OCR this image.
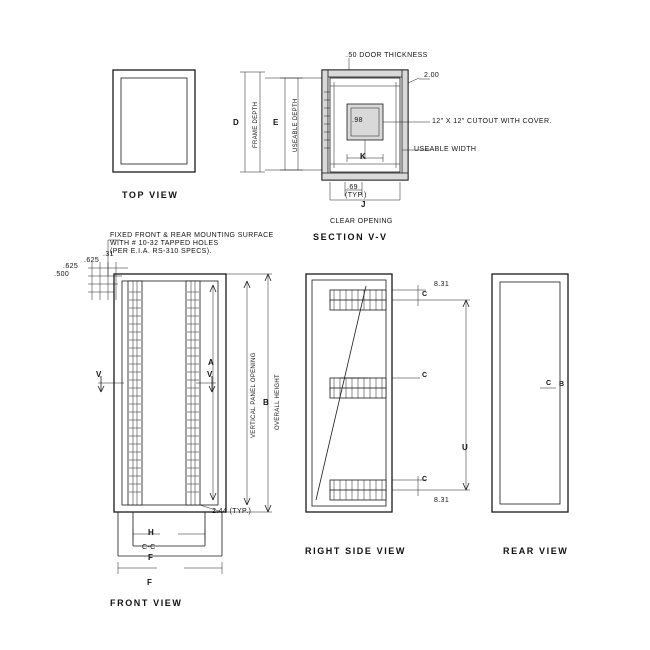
TOP VIEW
SECTION V-V
.50 DOOR THICKNESS
2.00
.98	12" X 12" CUTOUT WITH COVER.
USEABLE WIDTH
.69
(TYP.)
CLEAR OPENING
K
J
D	E
FRAME DEPTH	USEABLE DEPTH
FRONT VIEW
FIXED FRONT & REAR MOUNTING SURFACE
WITH # 10-32 TAPPED HOLES
(PER E.I.A. RS-310 SPECS).
.500
.625
.625
.31
2.44 (TYP.)
A
B
V	V
H
F
F
C-C
VERTICAL PANEL OPENING	OVERALL HEIGHT
RIGHT SIDE VIEW
8.31
8.31
C
C
C
U
REAR VIEW
C B
